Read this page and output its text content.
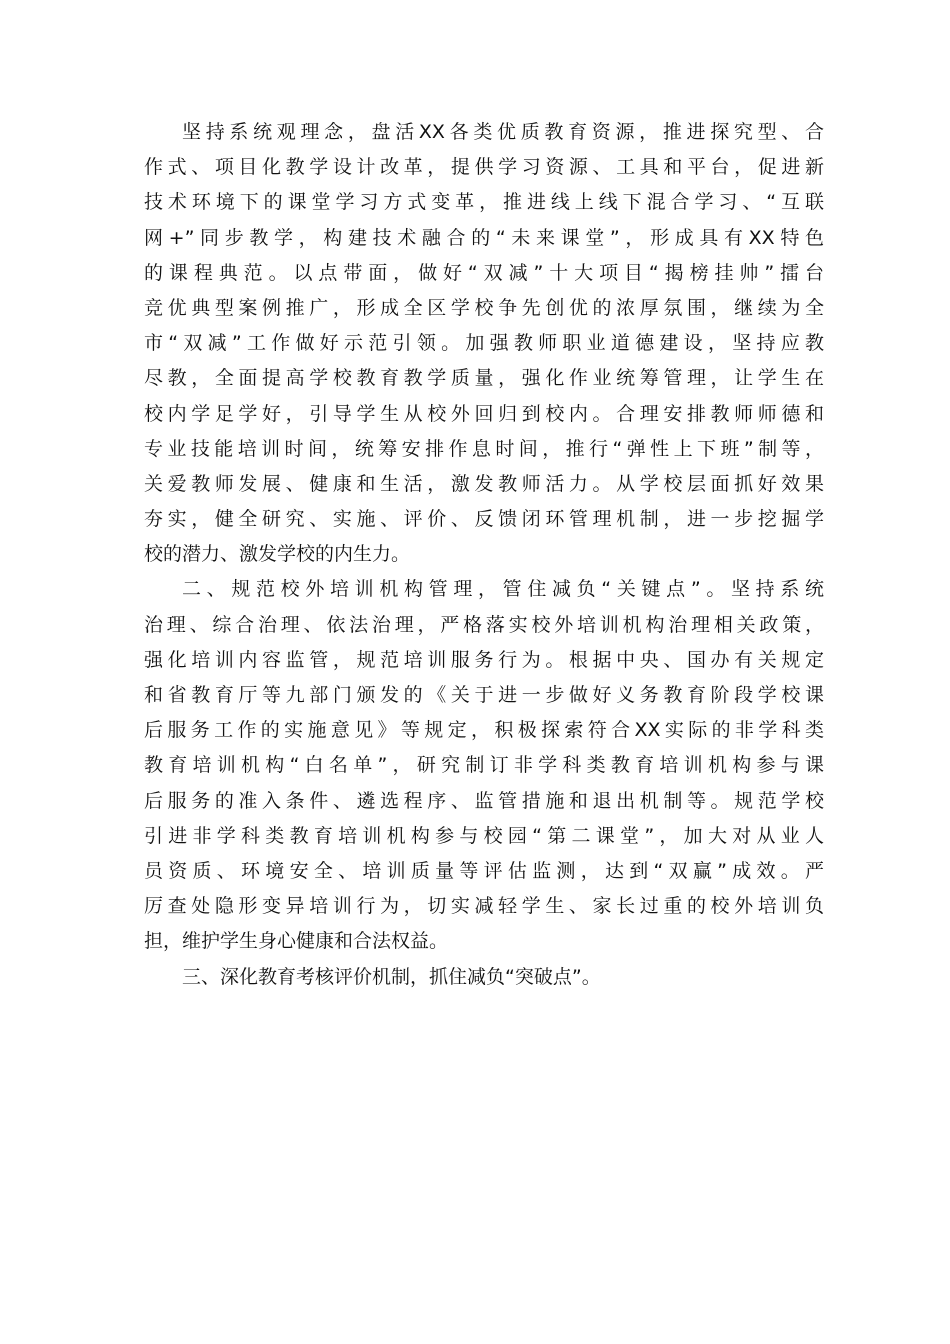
坚持系统观理念，盘活XX各类优质教育资源，推进探究型、合
作式、项目化教学设计改革，提供学习资源、工具和平台，促进新
技术环境下的课堂学习方式变革，推进线上线下混合学习、“互联
网+”同步教学，构建技术融合的“未来课堂”，形成具有XX特色
的课程典范。以点带面，做好“双减”十大项目“揭榜挂帅”擂台
竞优典型案例推广，形成全区学校争先创优的浓厚氛围，继续为全
市“双减”工作做好示范引领。加强教师职业道德建设，坚持应教
尽教，全面提高学校教育教学质量，强化作业统筹管理，让学生在
校内学足学好，引导学生从校外回归到校内。合理安排教师师德和
专业技能培训时间，统筹安排作息时间，推行“弹性上下班”制等，
关爱教师发展、健康和生活，激发教师活力。从学校层面抓好效果
夯实，健全研究、实施、评价、反馈闭环管理机制，进一步挖掘学
校的潜力、激发学校的内生力。
二、规范校外培训机构管理，管住减负“关键点”。坚持系统
治理、综合治理、依法治理，严格落实校外培训机构治理相关政策，
强化培训内容监管，规范培训服务行为。根据中央、国办有关规定
和省教育厅等九部门颁发的《关于进一步做好义务教育阶段学校课
后服务工作的实施意见》等规定，积极探索符合XX实际的非学科类
教育培训机构“白名单”，研究制订非学科类教育培训机构参与课
后服务的准入条件、遴选程序、监管措施和退出机制等。规范学校
引进非学科类教育培训机构参与校园“第二课堂”，加大对从业人
员资质、环境安全、培训质量等评估监测，达到“双赢”成效。严
厉查处隐形变异培训行为，切实减轻学生、家长过重的校外培训负
担，维护学生身心健康和合法权益。
三、深化教育考核评价机制，抓住减负“突破点”。
